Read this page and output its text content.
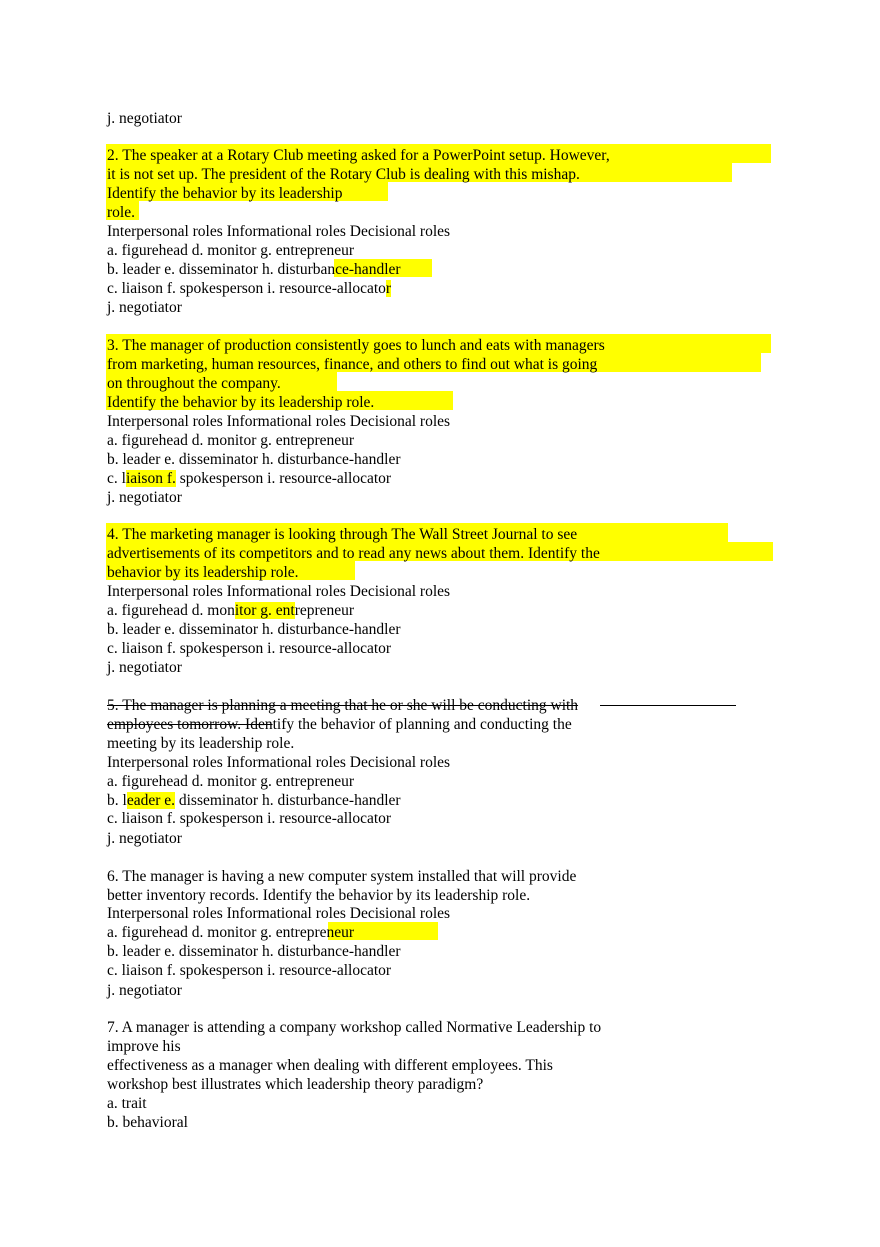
j. negotiator
2. The speaker at a Rotary Club meeting asked for a PowerPoint setup. However,
it is not set up. The president of the Rotary Club is dealing with this mishap.
Identify the behavior by its leadership
role.
Interpersonal roles Informational roles Decisional roles
a. figurehead d. monitor g. entrepreneur
b. leader e. disseminator h. disturbance-handler
c. liaison f. spokesperson i. resource-allocator
j. negotiator
3. The manager of production consistently goes to lunch and eats with managers
from marketing, human resources, finance, and others to find out what is going
on throughout the company.
Identify the behavior by its leadership role.
Interpersonal roles Informational roles Decisional roles
a. figurehead d. monitor g. entrepreneur
b. leader e. disseminator h. disturbance-handler
c. liaison f. spokesperson i. resource-allocator
j. negotiator
4. The marketing manager is looking through The Wall Street Journal to see
advertisements of its competitors and to read any news about them. Identify the
behavior by its leadership role.
Interpersonal roles Informational roles Decisional roles
a. figurehead d. monitor g. entrepreneur
b. leader e. disseminator h. disturbance-handler
c. liaison f. spokesperson i. resource-allocator
j. negotiator
5. The manager is planning a meeting that he or she will be conducting with
employees tomorrow. Identify the behavior of planning and conducting the
meeting by its leadership role.
Interpersonal roles Informational roles Decisional roles
a. figurehead d. monitor g. entrepreneur
b. leader e. disseminator h. disturbance-handler
c. liaison f. spokesperson i. resource-allocator
j. negotiator
6. The manager is having a new computer system installed that will provide
better inventory records. Identify the behavior by its leadership role.
Interpersonal roles Informational roles Decisional roles
a. figurehead d. monitor g. entrepreneur
b. leader e. disseminator h. disturbance-handler
c. liaison f. spokesperson i. resource-allocator
j. negotiator
7. A manager is attending a company workshop called Normative Leadership to
improve his
effectiveness as a manager when dealing with different employees. This
workshop best illustrates which leadership theory paradigm?
a. trait
b. behavioral
